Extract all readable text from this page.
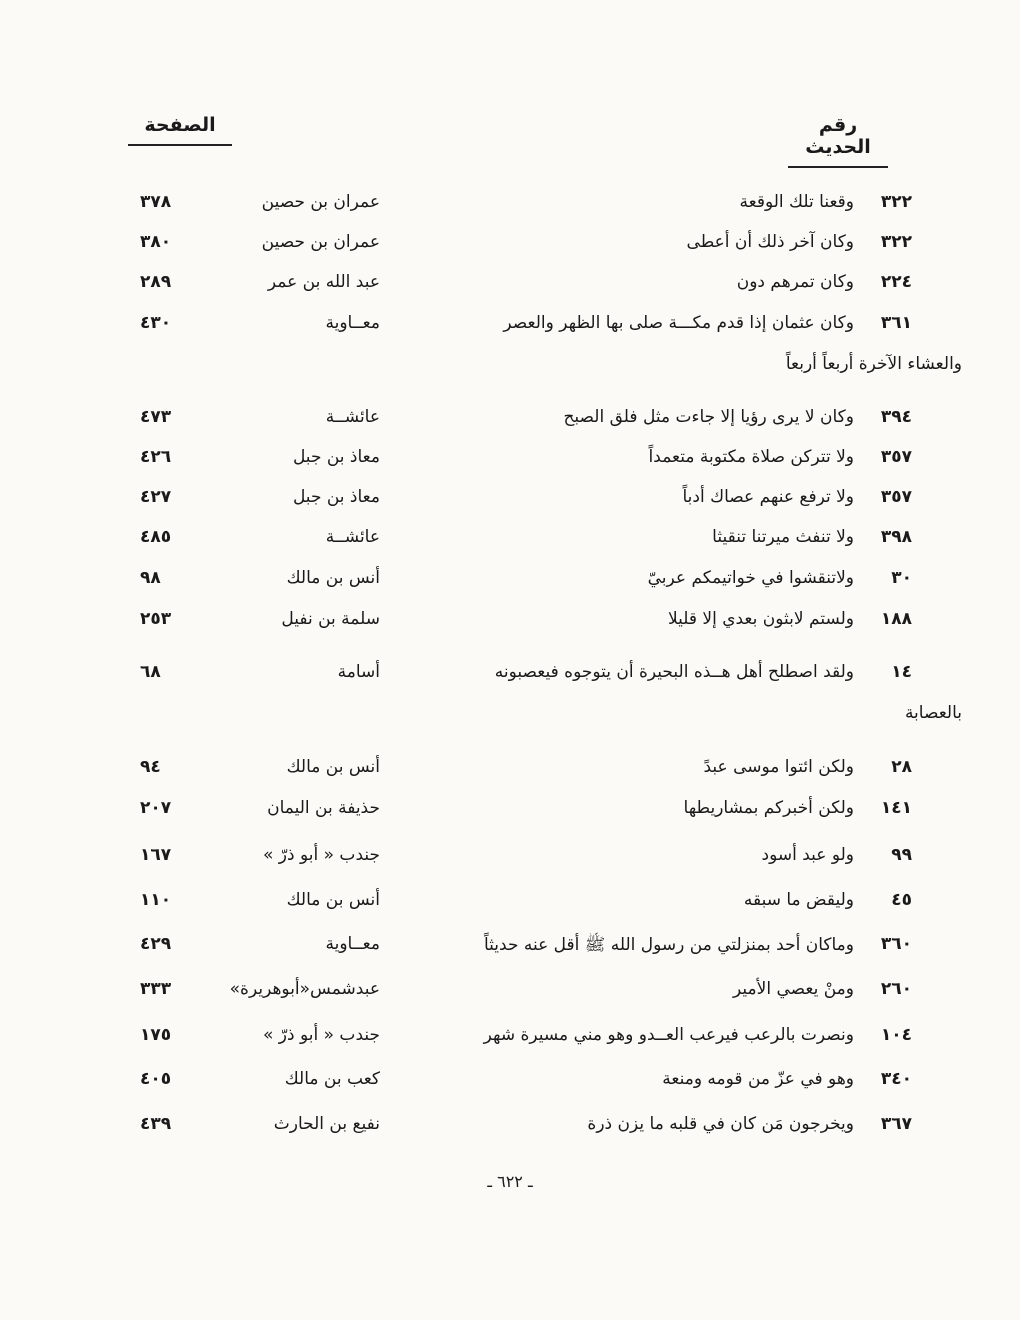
رقم الحديث
الصفحة
٣٢٢
وقعنا تلك الوقعة
عمران بن حصين
٣٧٨
٣٢٢
وكان آخر ذلك أن أعطى
عمران بن حصين
٣٨٠
٢٢٤
وكان تمرهم دون
عبد الله بن عمر
٢٨٩
٣٦١
وكان عثمان إذا قدم مكـــة صلى بها الظهر والعصر
معــاوية
٤٣٠
والعشاء الآخرة أربعاً أربعاً
٣٩٤
وكان لا يرى رؤيا إلا جاءت مثل فلق الصبح
عائشــة
٤٧٣
٣٥٧
ولا تتركن صلاة مكتوبة متعمداً
معاذ بن جبل
٤٢٦
٣٥٧
ولا ترفع عنهم عصاك أدباً
معاذ بن جبل
٤٢٧
٣٩٨
ولا تنفث ميرتنا تنقيثا
عائشــة
٤٨٥
٣٠
ولاتنقشوا في خواتيمكم عربيّ
أنس بن مالك
٩٨
١٨٨
ولستم لابثون بعدي إلا قليلا
سلمة بن نفيل
٢٥٣
١٤
ولقد اصطلح أهل هــذه البحيرة أن يتوجوه فيعصبونه
أسامة
٦٨
بالعصابة
٢٨
ولكن ائتوا موسى عبدً
أنس بن مالك
٩٤
١٤١
ولكن أخبركم بمشاريطها
حذيفة بن اليمان
٢٠٧
٩٩
ولو عبد أسود
جندب « أبو ذرّ »
١٦٧
٤٥
وليقض ما سبقه
أنس بن مالك
١١٠
٣٦٠
وماكان أحد بمنزلتي من رسول الله ﷺ أقل عنه حديثاً
معــاوية
٤٢٩
٢٦٠
ومنْ يعصي الأمير
عبدشمس«أبوهريرة»
٣٣٣
١٠٤
ونصرت بالرعب فيرعب العــدو وهو مني مسيرة شهر
جندب « أبو ذرّ »
١٧٥
٣٤٠
وهو في عزّ من قومه ومنعة
كعب بن مالك
٤٠٥
٣٦٧
ويخرجون مَن كان في قلبه ما يزن ذرة
نفيع بن الحارث
٤٣٩
ـ ٦٢٢ ـ
